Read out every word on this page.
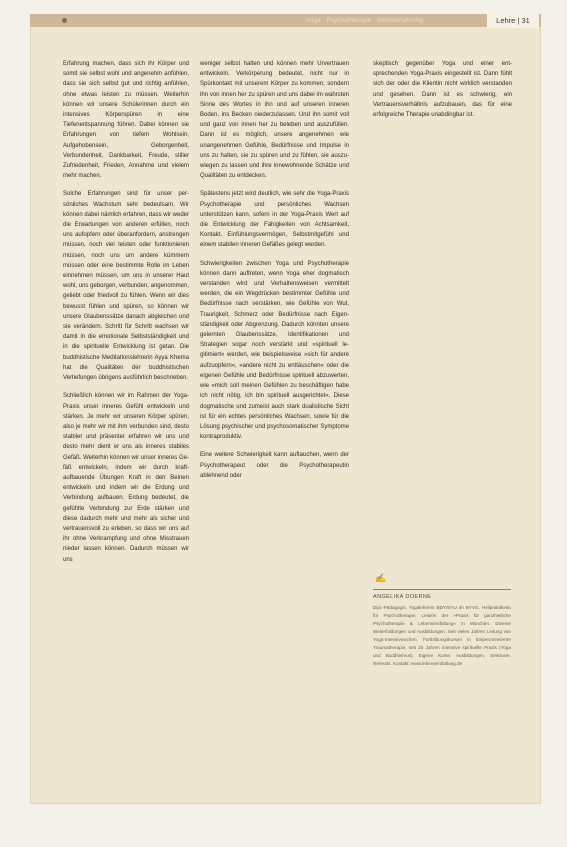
Yoga · Psychotherapie · Selbsterfahrung	Lehre | 31

Erfahrung machen, dass sich ihr Körper und somit sie selbst wohl und angenehm anfühlen, dass sie sich selbst gut und richtig anfühlen, ohne etwas leisten zu müssen. Weiterhin können wir unsere Schülerinnen durch ein intensives Körperspüren in eine Tiefenentspannung führen. Dabei können sie Erfahrungen von tiefem Wohlsein, Aufgehobensein, Geborgenheit, Verbundenheit, Dankbarkeit, Freude, stiller Zufriedenheit, Frieden, Annahme und vielem mehr machen.

Solche Erfahrungen sind für unser persönliches Wachstum sehr bedeutsam. Wir können dabei nämlich erfahren, dass wir weder die Erwartungen von anderen erfüllen, noch uns aufopfern oder überanfordern, anstrengen müssen, noch viel leisten oder funktionieren müssen, noch uns um andere kümmern müssen oder eine bestimmte Rolle im Leben einnehmen müssen, um uns in unserer Haut wohl, uns geborgen, verbunden, angenommen, geliebt oder friedvoll zu fühlen. Wenn wir dies bewusst fühlen und spüren, so können wir unsere Glaubenssätze danach abgleichen und sie verändern. Schritt für Schritt wachsen wir damit in die emotionale Selbstständigkeit und in die spirituelle Entwicklung ist getan. Die buddhistische Meditationslehrerin Ayya Khema hat die Qualitäten der buddhistischen Vertiefungen übrigens ausführlich beschrieben.

Schließlich können wir im Rahmen der Yoga-Praxis unser inneres Gefühl entwickeln und stärken. Je mehr wir unseren Körper spüren, also je mehr wir mit ihm verbunden sind, desto stabiler und präsenter erfahren wir uns und desto mehr dient er uns als inneres stabiles Gefäß. Weiterhin können wir unser inneres Gefäß entwickeln, indem wir durch kraftaufbauende Übungen Kraft in den Beinen entwickeln und indem wir die Erdung und Verbindung aufbauen. Erdung bedeutet, die gefühlte Verbindung zur Erde stärken und diese dadurch mehr und mehr als sicher und vertrauensvoll zu erleben, so dass wir uns auf ihr ohne Verkrampfung und ohne Misstrauen nieder lassen können. Dadurch müssen wir uns

weniger selbst halten und können mehr Urvertrauen entwickeln. Verkörperung bedeutet, nicht nur in Spürkontakt mit unserem Körper zu kommen, sondern ihn von innen her zu spüren und uns dabei im wahrsten Sinne des Wortes in ihn und auf unseren inneren Boden, ins Becken niederzulassen. Und ihn somit voll und ganz von innen her zu beleben und auszufüllen. Dann ist es möglich, unsere angenehmen wie unangenehmen Gefühle, Bedürfnisse und Impulse in uns zu halten, sie zu spüren und zu fühlen, sie auszuwiegen zu lassen und ihre innewohnende Schätze und Qualitäten zu entdecken.

Spätestens jetzt wird deutlich, wie sehr die Yoga-Praxis Psychotherapie und persönliches Wachsen unterstützen kann, sofern in der Yoga-Praxis Wert auf die Entwicklung der Fähigkeiten von Achtsamkeit, Kontakt, Einfühlungsvermögen, Selbstmitgefühl und einem stabilen inneren Gefäßes gelegt werden.

Schwierigkeiten zwischen Yoga und Psychotherapie können dann auftreten, wenn Yoga eher dogmatisch verstanden wird und Verhaltensweisen vermittelt werden, die ein Wegdrücken bestimmter Gefühle und Bedürfnisse nach verstärken, wie Gefühle von Wut, Traurigkeit, Schmerz oder Bedürfnisse nach Eigenständigkeit oder Abgrenzung. Dadurch könnten unsere gelernten Glaubenssätze, Identifikationen und Strategien sogar noch verstärkt und »spirituell legitimiert« werden, wie beispielsweise »sich für andere aufzuopfern«, »andere nicht zu enttäuschen« oder die eigenen Gefühle und Bedürfnisse spirituell abzuwerten, wie »mich soll meinen Gefühlen zu beschäftigen habe ich nicht nötig, ich bin spirituell ausgerichtet«. Diese dogmatische und zumeist auch stark dualistische Sicht ist für ein echtes persönliches Wachsen, sowie für die Lösung psychischer und psychosomatischer Symptome kontraproduktiv.

Eine weitere Schwierigkeit kann auftauchen, wenn der Psychotherapeut oder die Psychotherapeutin ablehnend oder

skeptisch gegenüber Yoga und einer entsprechenden Yoga-Praxis eingestellt ist. Dann fühlt sich der oder die Klientin nicht wirklich verstanden und gesehen. Dann ist es schwierig, ein Vertrauensverhältnis aufzubauen, das für eine erfolgreiche Therapie unabdingbar ist.

✍
ANGELIKA DOERNE

Dipl.-Pädagogin, Yogalehrerin BDY/EYU im BYVG, Heilpraktikerin für Psychotherapie, Leiterin der »Praxis für ganzheitliche Psychotherapie & Lebensentfaltung« in München. Diverse Weiterbildungen und Ausbildungen. Seit vielen Jahren Leitung von Yoga-Intensivwochen, Fortbildungskursen in körperorientierter Traumatherapie, seit 25 Jahren intensive spirituelle Praxis (Yoga und Buddhismus). Eigene Kurse, Ausbildungen, Seminare, Retreats. Kontakt: www.lebensentfaltung.de
